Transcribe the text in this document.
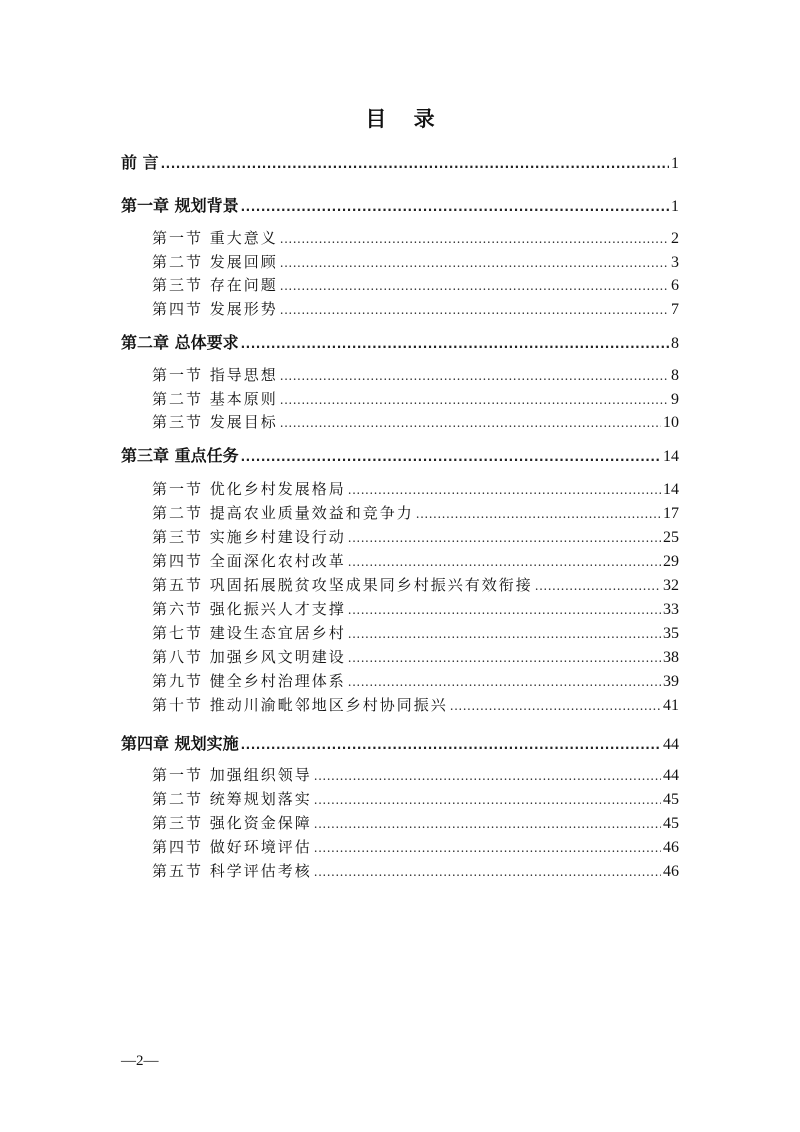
目 录
前 言 .....	1
第一章 规划背景 .....	1
第一节 重大意义 .....	2
第二节 发展回顾 .....	3
第三节 存在问题 .....	6
第四节 发展形势 .....	7
第二章 总体要求 .....	8
第一节 指导思想 .....	8
第二节 基本原则 .....	9
第三节 发展目标 .....	10
第三章 重点任务 .....	14
第一节 优化乡村发展格局 .....	14
第二节 提高农业质量效益和竞争力 .....	17
第三节 实施乡村建设行动 .....	25
第四节 全面深化农村改革 .....	29
第五节 巩固拓展脱贫攻坚成果同乡村振兴有效衔接 .....	32
第六节 强化振兴人才支撑 .....	33
第七节 建设生态宜居乡村 .....	35
第八节 加强乡风文明建设 .....	38
第九节 健全乡村治理体系 .....	39
第十节 推动川渝毗邻地区乡村协同振兴 .....	41
第四章 规划实施 .....	44
第一节 加强组织领导 .....	44
第二节 统筹规划落实 .....	45
第三节 强化资金保障 .....	45
第四节 做好环境评估 .....	46
第五节 科学评估考核 .....	46
—2—
